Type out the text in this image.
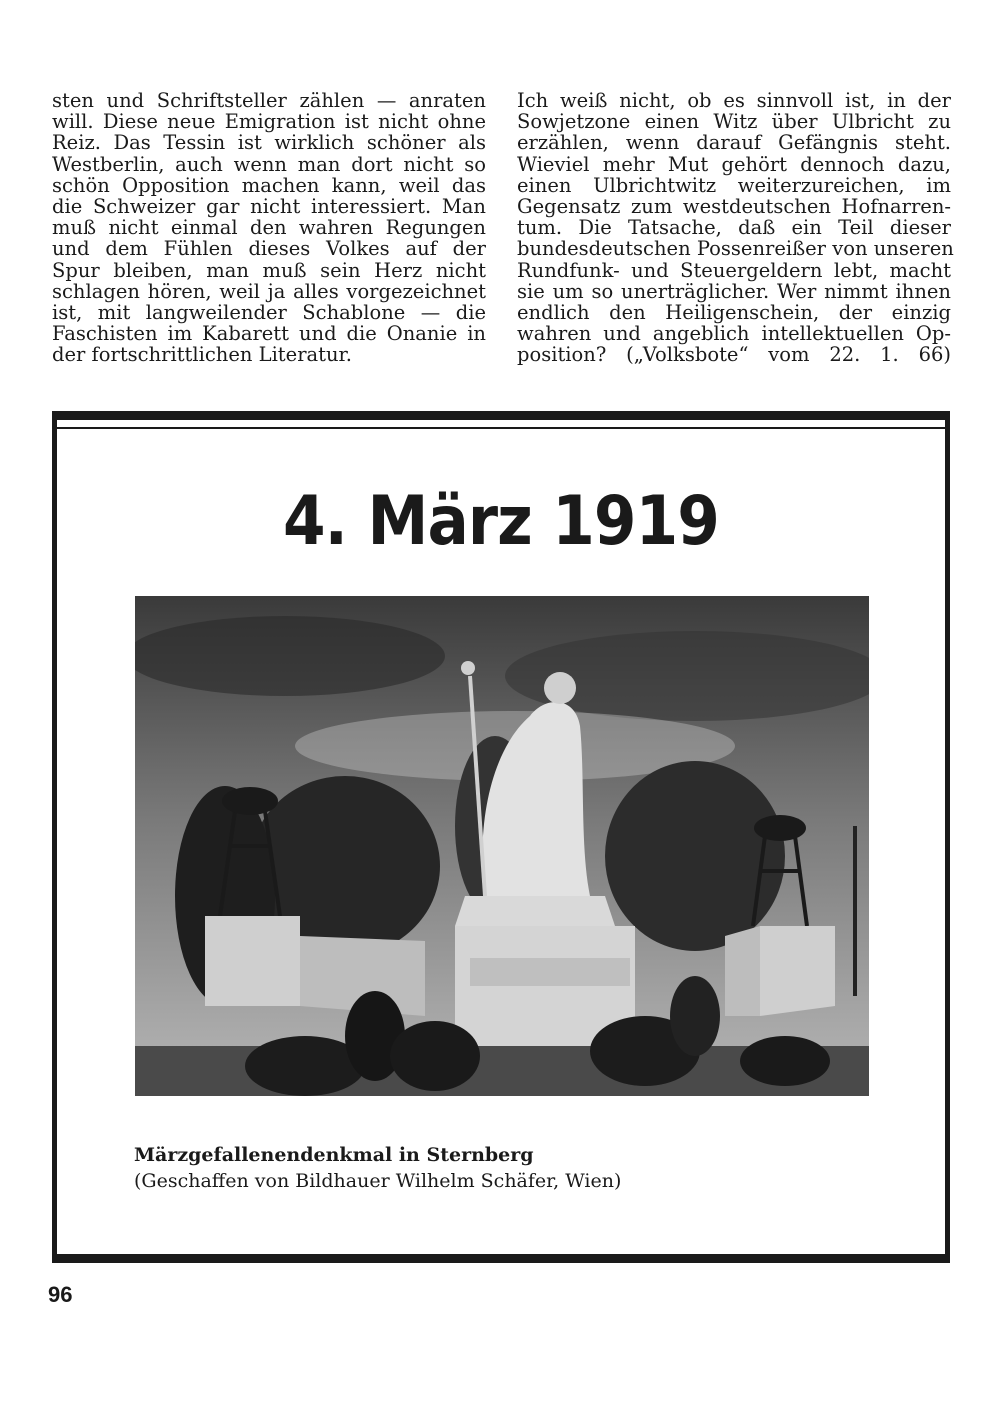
sten und Schriftsteller zählen — anraten
will. Diese neue Emigration ist nicht ohne
Reiz. Das Tessin ist wirklich schöner als
Westberlin, auch wenn man dort nicht so
schön Opposition machen kann, weil das
die Schweizer gar nicht interessiert. Man
muß nicht einmal den wahren Regungen
und dem Fühlen dieses Volkes auf der
Spur bleiben, man muß sein Herz nicht
schlagen hören, weil ja alles vorgezeichnet
ist, mit langweilender Schablone — die
Faschisten im Kabarett und die Onanie in
der fortschrittlichen Literatur.
Ich weiß nicht, ob es sinnvoll ist, in der
Sowjetzone einen Witz über Ulbricht zu
erzählen, wenn darauf Gefängnis steht.
Wieviel mehr Mut gehört dennoch dazu,
einen Ulbrichtwitz weiterzureichen, im
Gegensatz zum westdeutschen Hofnarren-
tum. Die Tatsache, daß ein Teil dieser
bundesdeutschen Possenreißer von unseren
Rundfunk- und Steuergeldern lebt, macht
sie um so unerträglicher. Wer nimmt ihnen
endlich den Heiligenschein, der einzig
wahren und angeblich intellektuellen Op-
position? („Volksbote“ vom 22. 1. 66)
4. März 1919
Märzgefallenendenkmal in Sternberg
(Geschaffen von Bildhauer Wilhelm Schäfer, Wien)
96
